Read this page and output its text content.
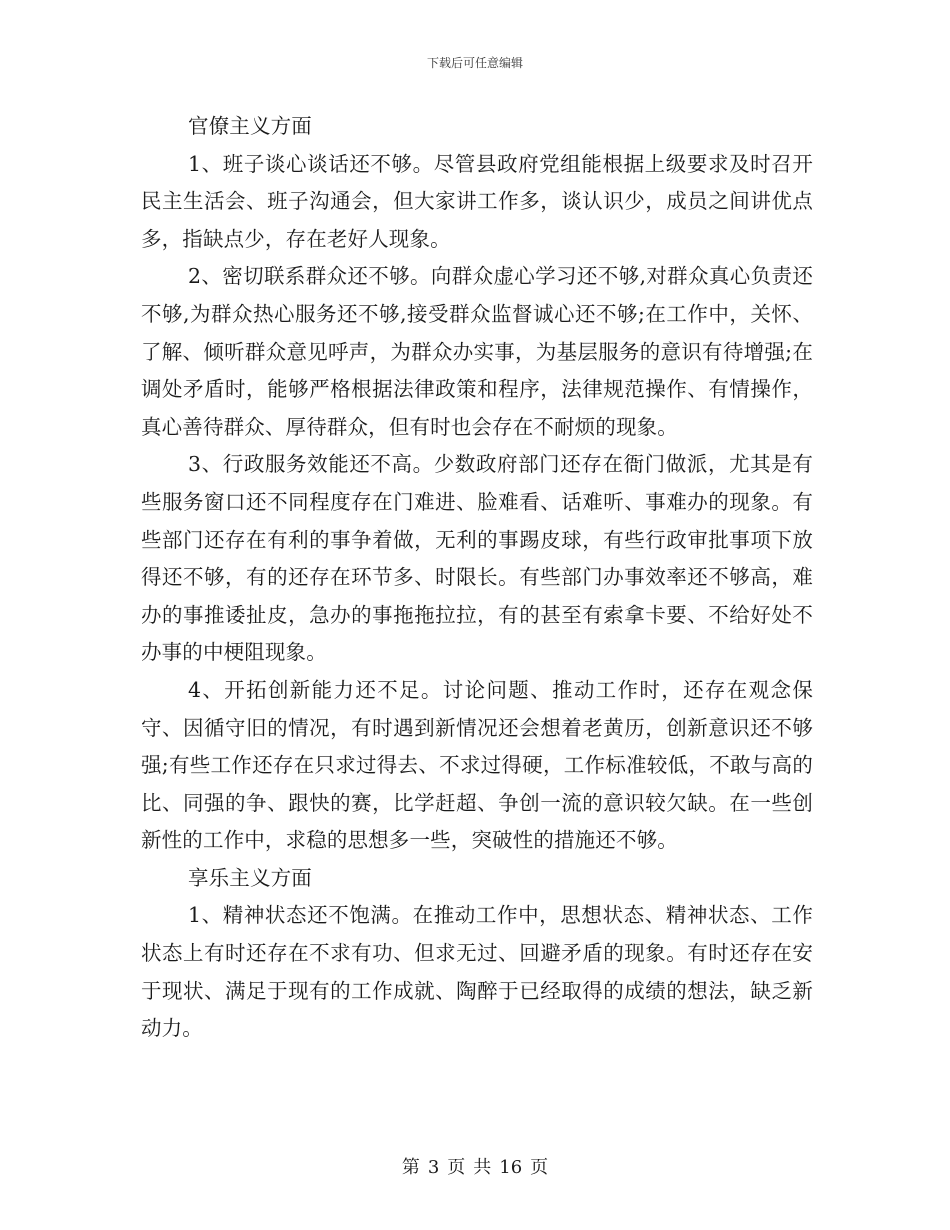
下载后可任意编辑

官僚主义方面

1、班子谈心谈话还不够。尽管县政府党组能根据上级要求及时召开民主生活会、班子沟通会，但大家讲工作多，谈认识少，成员之间讲优点多，指缺点少，存在老好人现象。

2、密切联系群众还不够。向群众虚心学习还不够,对群众真心负责还不够,为群众热心服务还不够,接受群众监督诚心还不够;在工作中，关怀、了解、倾听群众意见呼声，为群众办实事，为基层服务的意识有待增强;在调处矛盾时，能够严格根据法律政策和程序，法律规范操作、有情操作，真心善待群众、厚待群众，但有时也会存在不耐烦的现象。

3、行政服务效能还不高。少数政府部门还存在衙门做派，尤其是有些服务窗口还不同程度存在门难进、脸难看、话难听、事难办的现象。有些部门还存在有利的事争着做，无利的事踢皮球，有些行政审批事项下放得还不够，有的还存在环节多、时限长。有些部门办事效率还不够高，难办的事推诿扯皮，急办的事拖拖拉拉，有的甚至有索拿卡要、不给好处不办事的中梗阻现象。

4、开拓创新能力还不足。讨论问题、推动工作时，还存在观念保守、因循守旧的情况，有时遇到新情况还会想着老黄历，创新意识还不够强;有些工作还存在只求过得去、不求过得硬，工作标准较低，不敢与高的比、同强的争、跟快的赛，比学赶超、争创一流的意识较欠缺。在一些创新性的工作中，求稳的思想多一些，突破性的措施还不够。

享乐主义方面

1、精神状态还不饱满。在推动工作中，思想状态、精神状态、工作状态上有时还存在不求有功、但求无过、回避矛盾的现象。有时还存在安于现状、满足于现有的工作成就、陶醉于已经取得的成绩的想法，缺乏新动力。

第 3 页 共 16 页
